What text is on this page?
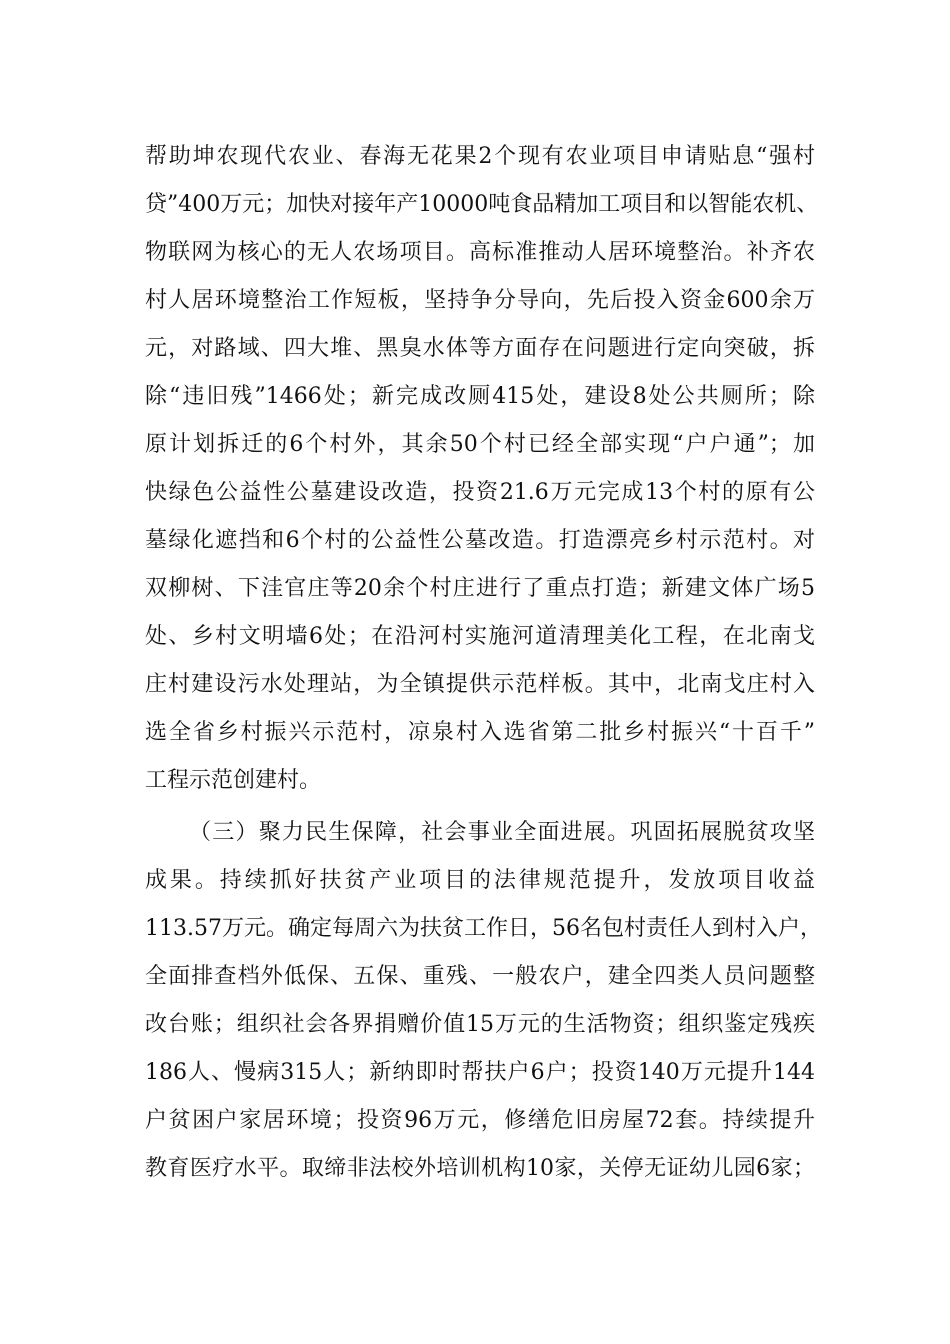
帮助坤农现代农业、春海无花果2个现有农业项目申请贴息“强村
贷”400万元；加快对接年产10000吨食品精加工项目和以智能农机、
物联网为核心的无人农场项目。高标准推动人居环境整治。补齐农
村人居环境整治工作短板，坚持争分导向，先后投入资金600余万
元，对路域、四大堆、黑臭水体等方面存在问题进行定向突破，拆
除“违旧残”1466处；新完成改厕415处，建设8处公共厕所；除
原计划拆迁的6个村外，其余50个村已经全部实现“户户通”；加
快绿色公益性公墓建设改造，投资21.6万元完成13个村的原有公
墓绿化遮挡和6个村的公益性公墓改造。打造漂亮乡村示范村。对
双柳树、下洼官庄等20余个村庄进行了重点打造；新建文体广场5
处、乡村文明墙6处；在沿河村实施河道清理美化工程，在北南戈
庄村建设污水处理站，为全镇提供示范样板。其中，北南戈庄村入
选全省乡村振兴示范村，凉泉村入选省第二批乡村振兴“十百千”
工程示范创建村。
（三）聚力民生保障，社会事业全面进展。巩固拓展脱贫攻坚
成果。持续抓好扶贫产业项目的法律规范提升，发放项目收益
113.57万元。确定每周六为扶贫工作日，56名包村责任人到村入户，
全面排查档外低保、五保、重残、一般农户，建全四类人员问题整
改台账；组织社会各界捐赠价值15万元的生活物资；组织鉴定残疾
186人、慢病315人；新纳即时帮扶户6户；投资140万元提升144
户贫困户家居环境；投资96万元，修缮危旧房屋72套。持续提升
教育医疗水平。取缔非法校外培训机构10家，关停无证幼儿园6家；
